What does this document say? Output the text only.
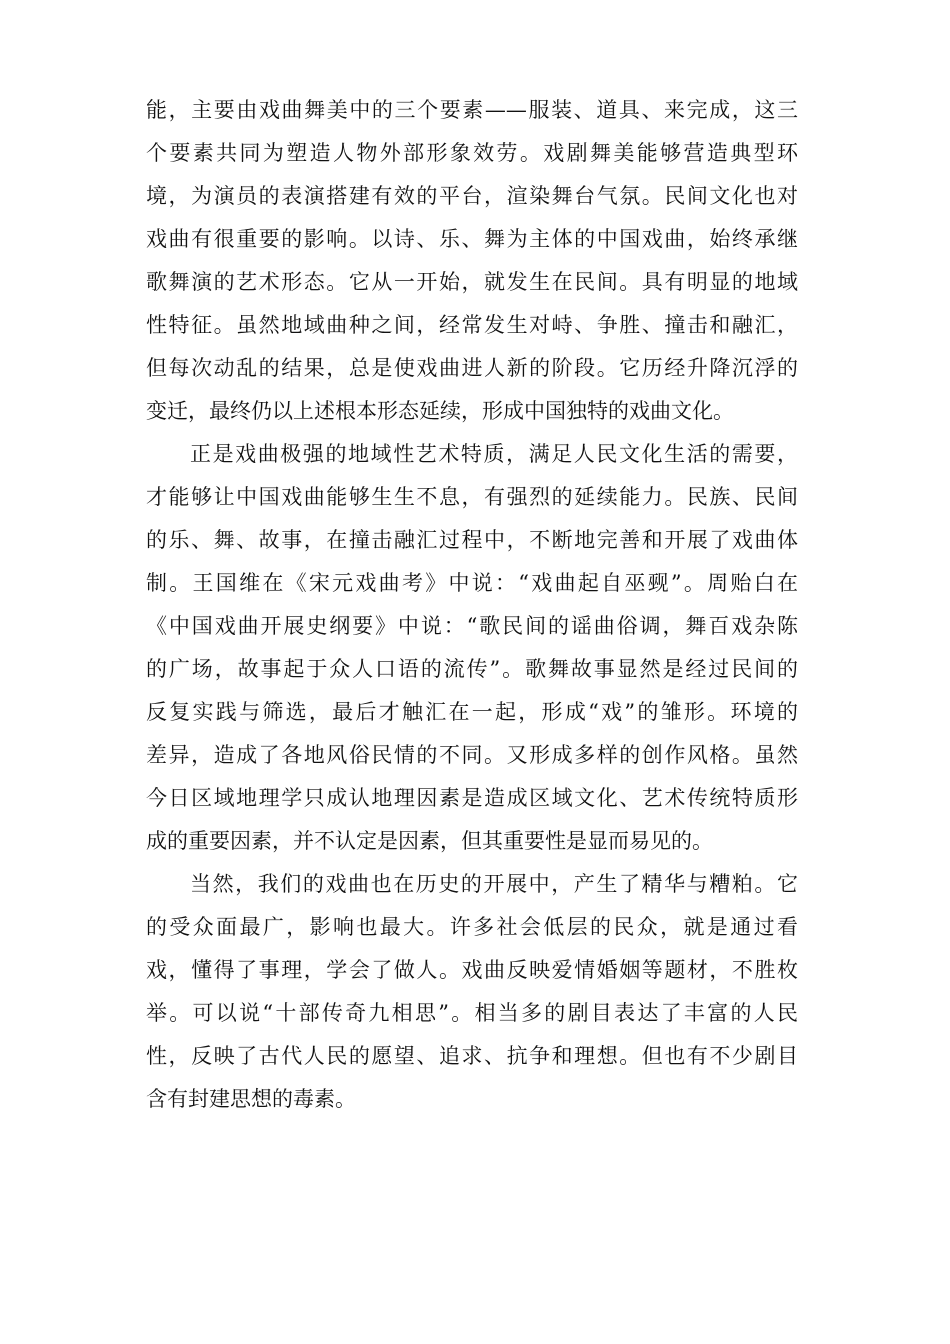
能，主要由戏曲舞美中的三个要素——服装、道具、来完成，这三
个要素共同为塑造人物外部形象效劳。戏剧舞美能够营造典型环
境，为演员的表演搭建有效的平台，渲染舞台气氛。民间文化也对
戏曲有很重要的影响。以诗、乐、舞为主体的中国戏曲，始终承继
歌舞演的艺术形态。它从一开始，就发生在民间。具有明显的地域
性特征。虽然地域曲种之间，经常发生对峙、争胜、撞击和融汇，
但每次动乱的结果，总是使戏曲进人新的阶段。它历经升降沉浮的
变迁，最终仍以上述根本形态延续，形成中国独特的戏曲文化。
正是戏曲极强的地域性艺术特质，满足人民文化生活的需要，
才能够让中国戏曲能够生生不息，有强烈的延续能力。民族、民间
的乐、舞、故事，在撞击融汇过程中，不断地完善和开展了戏曲体
制。王国维在《宋元戏曲考》中说：“戏曲起自巫觋”。周贻白在
《中国戏曲开展史纲要》中说：“歌民间的谣曲俗调，舞百戏杂陈
的广场，故事起于众人口语的流传”。歌舞故事显然是经过民间的
反复实践与筛选，最后才触汇在一起，形成“戏”的雏形。环境的
差异，造成了各地风俗民情的不同。又形成多样的创作风格。虽然
今日区域地理学只成认地理因素是造成区域文化、艺术传统特质形
成的重要因素，并不认定是因素，但其重要性是显而易见的。
当然，我们的戏曲也在历史的开展中，产生了精华与糟粕。它
的受众面最广，影响也最大。许多社会低层的民众，就是通过看
戏，懂得了事理，学会了做人。戏曲反映爱情婚姻等题材，不胜枚
举。可以说“十部传奇九相思”。相当多的剧目表达了丰富的人民
性，反映了古代人民的愿望、追求、抗争和理想。但也有不少剧目
含有封建思想的毒素。
